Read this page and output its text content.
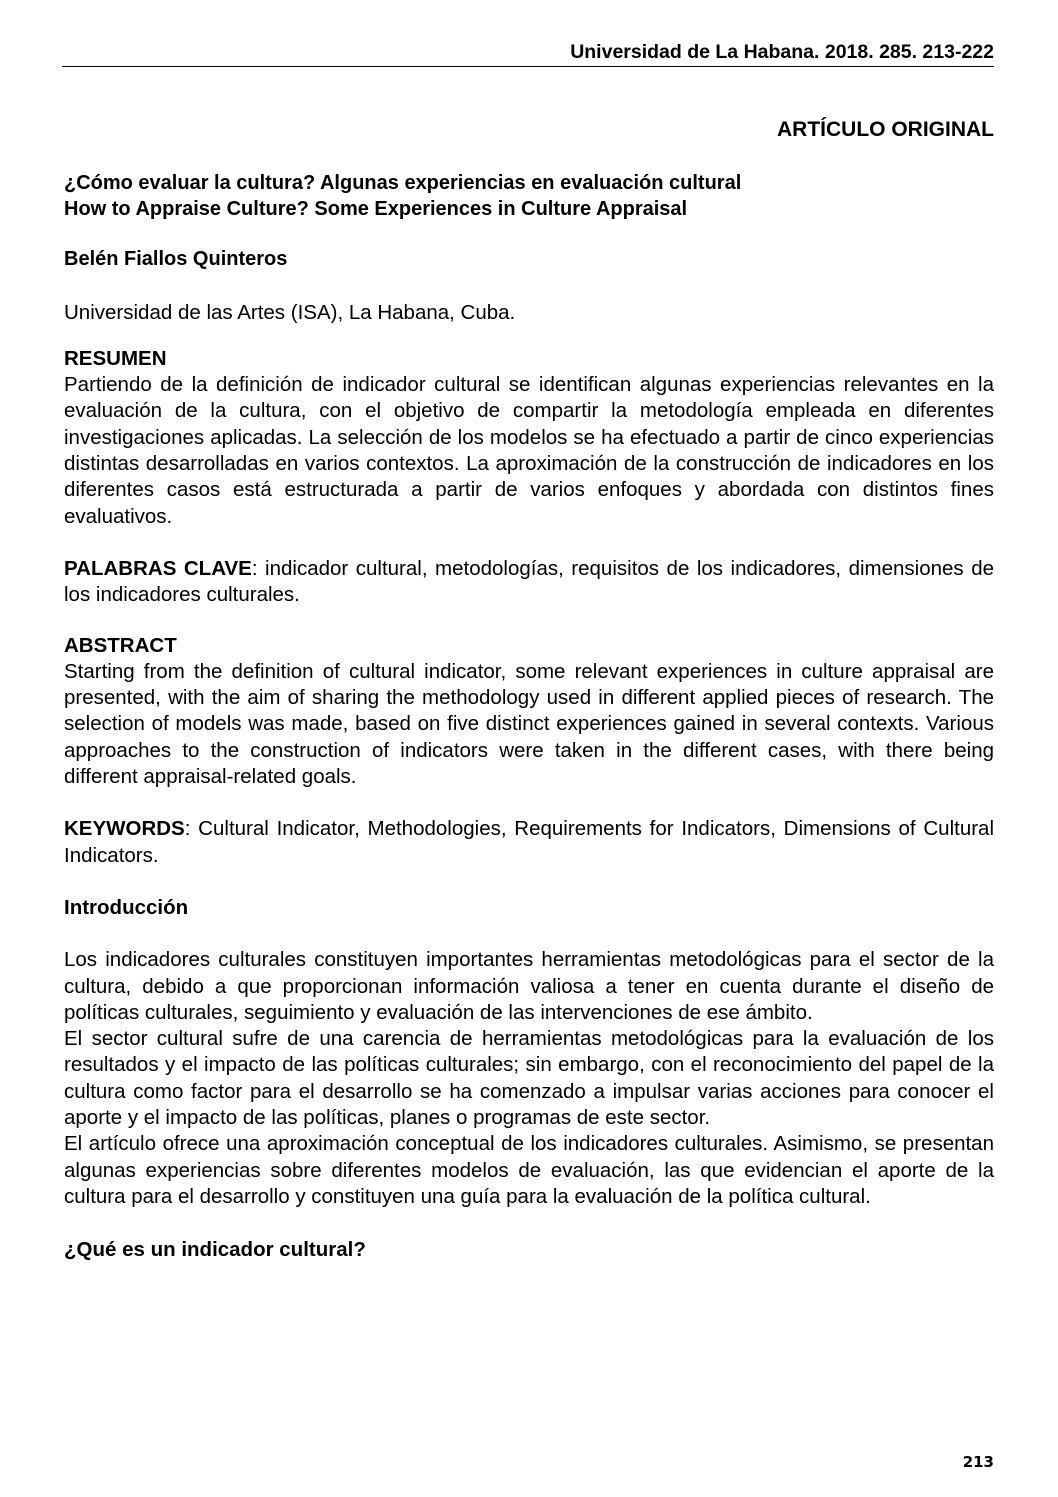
Universidad de La Habana. 2018. 285. 213-222

ARTÍCULO ORIGINAL

¿Cómo evaluar la cultura? Algunas experiencias en evaluación cultural

How to Appraise Culture? Some Experiences in Culture Appraisal

Belén Fiallos Quinteros

Universidad de las Artes (ISA), La Habana, Cuba.

RESUMEN

Partiendo de la definición de indicador cultural se identifican algunas experiencias relevantes en la evaluación de la cultura, con el objetivo de compartir la metodología empleada en diferentes investigaciones aplicadas. La selección de los modelos se ha efectuado a partir de cinco experiencias distintas desarrolladas en varios contextos. La aproximación de la construcción de indicadores en los diferentes casos está estructurada a partir de varios enfoques y abordada con distintos fines evaluativos.

PALABRAS CLAVE: indicador cultural, metodologías, requisitos de los indicadores, dimensiones de los indicadores culturales.

ABSTRACT

Starting from the definition of cultural indicator, some relevant experiences in culture appraisal are presented, with the aim of sharing the methodology used in different applied pieces of research. The selection of models was made, based on five distinct experiences gained in several contexts. Various approaches to the construction of indicators were taken in the different cases, with there being different appraisal-related goals.

KEYWORDS: Cultural Indicator, Methodologies, Requirements for Indicators, Dimensions of Cultural Indicators.

Introducción

Los indicadores culturales constituyen importantes herramientas metodológicas para el sector de la cultura, debido a que proporcionan información valiosa a tener en cuenta durante el diseño de políticas culturales, seguimiento y evaluación de las intervenciones de ese ámbito.

El sector cultural sufre de una carencia de herramientas metodológicas para la evaluación de los resultados y el impacto de las políticas culturales; sin embargo, con el reconocimiento del papel de la cultura como factor para el desarrollo se ha comenzado a impulsar varias acciones para conocer el aporte y el impacto de las políticas, planes o programas de este sector.

El artículo ofrece una aproximación conceptual de los indicadores culturales. Asimismo, se presentan algunas experiencias sobre diferentes modelos de evaluación, las que evidencian el aporte de la cultura para el desarrollo y constituyen una guía para la evaluación de la política cultural.

¿Qué es un indicador cultural?

213
